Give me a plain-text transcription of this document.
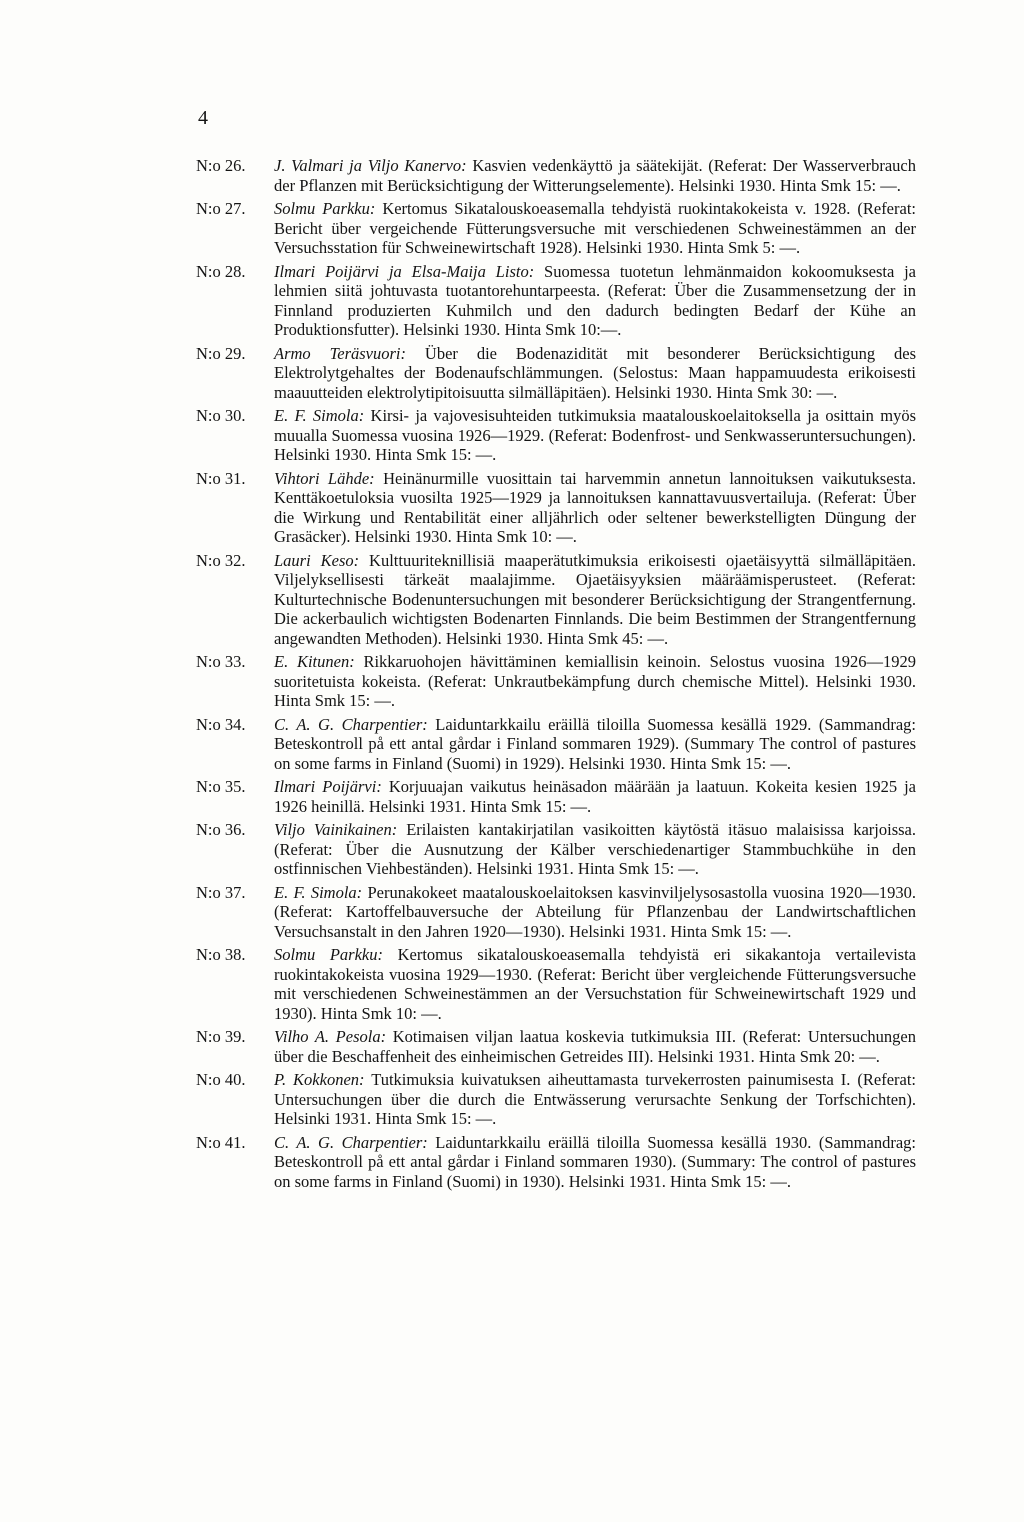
4
N:o 26.	J. Valmari ja Viljo Kanervo: Kasvien vedenkäyttö ja säätekijät. (Referat: Der Wasserverbrauch der Pflanzen mit Berücksichtigung der Witterungselemente). Helsinki 1930. Hinta Smk 15: —.
N:o 27.	Solmu Parkku: Kertomus Sikatalouskoeasemalla tehdyistä ruokintakokeista v. 1928. (Referat: Bericht über vergeichende Fütterungsversuche mit verschiedenen Schweinestämmen an der Versuchsstation für Schweinewirtschaft 1928). Helsinki 1930. Hinta Smk 5: —.
N:o 28.	Ilmari Poijärvi ja Elsa-Maija Listo: Suomessa tuotetun lehmänmaidon kokoomuksesta ja lehmien siitä johtuvasta tuotantorehuntarpeesta. (Referat: Über die Zusammensetzung der in Finnland produzierten Kuhmilch und den dadurch bedingten Bedarf der Kühe an Produktionsfutter). Helsinki 1930. Hinta Smk 10:—.
N:o 29.	Armo Teräsvuori: Über die Bodenazidität mit besonderer Berücksichtigung des Elektrolytgehaltes der Bodenaufschlämmungen. (Selostus: Maan happamuudesta erikoisesti maauutteiden elektrolytipitoisuutta silmälläpitäen). Helsinki 1930. Hinta Smk 30: —.
N:o 30.	E. F. Simola: Kirsi- ja vajovesisuhteiden tutkimuksia maatalouskoelaitoksella ja osittain myös muualla Suomessa vuosina 1926—1929. (Referat: Bodenfrost- und Senkwasseruntersuchungen). Helsinki 1930. Hinta Smk 15: —.
N:o 31.	Vihtori Lähde: Heinänurmille vuosittain tai harvemmin annetun lannoituksen vaikutuksesta. Kenttäkoetuloksia vuosilta 1925—1929 ja lannoituksen kannattavuusvertailuja. (Referat: Über die Wirkung und Rentabilität einer alljährlich oder seltener bewerkstelligten Düngung der Grasäcker). Helsinki 1930. Hinta Smk 10: —.
N:o 32.	Lauri Keso: Kulttuuriteknillisiä maaperätutkimuksia erikoisesti ojaetäisyyttä silmälläpitäen. Viljelyksellisesti tärkeät maalajimme. Ojaetäisyyksien määräämisperusteet. (Referat: Kulturtechnische Bodenuntersuchungen mit besonderer Berücksichtigung der Strangentfernung. Die ackerbaulich wichtigsten Bodenarten Finnlands. Die beim Bestimmen der Strangentfernung angewandten Methoden). Helsinki 1930. Hinta Smk 45: —.
N:o 33.	E. Kitunen: Rikkaruohojen hävittäminen kemiallisin keinoin. Selostus vuosina 1926—1929 suoritetuista kokeista. (Referat: Unkrautbekämpfung durch chemische Mittel). Helsinki 1930. Hinta Smk 15: —.
N:o 34.	C. A. G. Charpentier: Laiduntarkkailu eräillä tiloilla Suomessa kesällä 1929. (Sammandrag: Beteskontroll på ett antal gårdar i Finland sommaren 1929). (Summary The control of pastures on some farms in Finland (Suomi) in 1929). Helsinki 1930. Hinta Smk 15: —.
N:o 35.	Ilmari Poijärvi: Korjuuajan vaikutus heinäsadon määrään ja laatuun. Kokeita kesien 1925 ja 1926 heinillä. Helsinki 1931. Hinta Smk 15: —.
N:o 36.	Viljo Vainikainen: Erilaisten kantakirjatilan vasikoitten käytöstä itäsuo malaisissa karjoissa. (Referat: Über die Ausnutzung der Kälber verschiedenartiger Stammbuchkühe in den ostfinnischen Viehbeständen). Helsinki 1931. Hinta Smk 15: —.
N:o 37.	E. F. Simola: Perunakokeet maatalouskoelaitoksen kasvinviljelysosastolla vuosina 1920—1930. (Referat: Kartoffelbauversuche der Abteilung für Pflanzenbau der Landwirtschaftlichen Versuchsanstalt in den Jahren 1920—1930). Helsinki 1931. Hinta Smk 15: —.
N:o 38.	Solmu Parkku: Kertomus sikatalouskoeasemalla tehdyistä eri sikakantoja vertailevista ruokintakokeista vuosina 1929—1930. (Referat: Bericht über vergleichende Fütterungsversuche mit verschiedenen Schweinestämmen an der Versuchstation für Schweinewirtschaft 1929 und 1930). Hinta Smk 10: —.
N:o 39.	Vilho A. Pesola: Kotimaisen viljan laatua koskevia tutkimuksia III. (Referat: Untersuchungen über die Beschaffenheit des einheimischen Getreides III). Helsinki 1931. Hinta Smk 20: —.
N:o 40.	P. Kokkonen: Tutkimuksia kuivatuksen aiheuttamasta turvekerrosten painumisesta I. (Referat: Untersuchungen über die durch die Entwässerung verursachte Senkung der Torfschichten). Helsinki 1931. Hinta Smk 15: —.
N:o 41.	C. A. G. Charpentier: Laiduntarkkailu eräillä tiloilla Suomessa kesällä 1930. (Sammandrag: Beteskontroll på ett antal gårdar i Finland sommaren 1930). (Summary: The control of pastures on some farms in Finland (Suomi) in 1930). Helsinki 1931. Hinta Smk 15: —.
